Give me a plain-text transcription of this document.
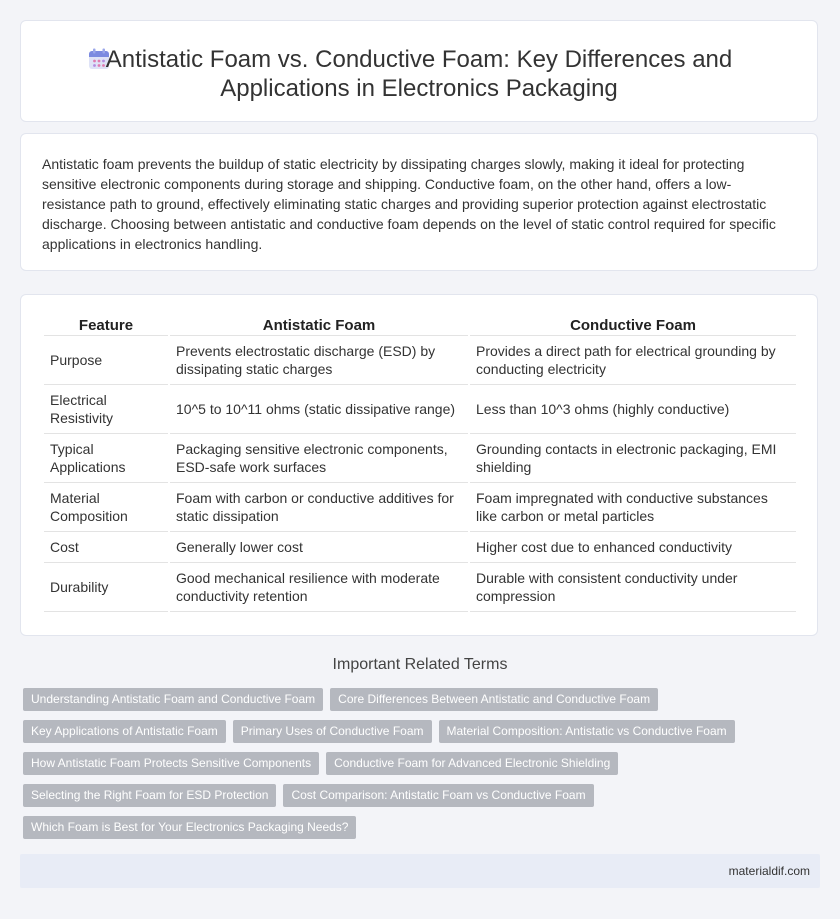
Antistatic Foam vs. Conductive Foam: Key Differences and Applications in Electronics Packaging

Antistatic foam prevents the buildup of static electricity by dissipating charges slowly, making it ideal for protecting sensitive electronic components during storage and shipping. Conductive foam, on the other hand, offers a low-resistance path to ground, effectively eliminating static charges and providing superior protection against electrostatic discharge. Choosing between antistatic and conductive foam depends on the level of static control required for specific applications in electronics handling.

Feature	Antistatic Foam	Conductive Foam
Purpose	Prevents electrostatic discharge (ESD) by dissipating static charges	Provides a direct path for electrical grounding by conducting electricity
Electrical Resistivity	10^5 to 10^11 ohms (static dissipative range)	Less than 10^3 ohms (highly conductive)
Typical Applications	Packaging sensitive electronic components, ESD-safe work surfaces	Grounding contacts in electronic packaging, EMI shielding
Material Composition	Foam with carbon or conductive additives for static dissipation	Foam impregnated with conductive substances like carbon or metal particles
Cost	Generally lower cost	Higher cost due to enhanced conductivity
Durability	Good mechanical resilience with moderate conductivity retention	Durable with consistent conductivity under compression
Important Related Terms
Understanding Antistatic Foam and Conductive Foam	Core Differences Between Antistatic and Conductive Foam
Key Applications of Antistatic Foam	Primary Uses of Conductive Foam	Material Composition: Antistatic vs Conductive Foam
How Antistatic Foam Protects Sensitive Components	Conductive Foam for Advanced Electronic Shielding
Selecting the Right Foam for ESD Protection	Cost Comparison: Antistatic Foam vs Conductive Foam
Which Foam is Best for Your Electronics Packaging Needs?
materialdif.com
